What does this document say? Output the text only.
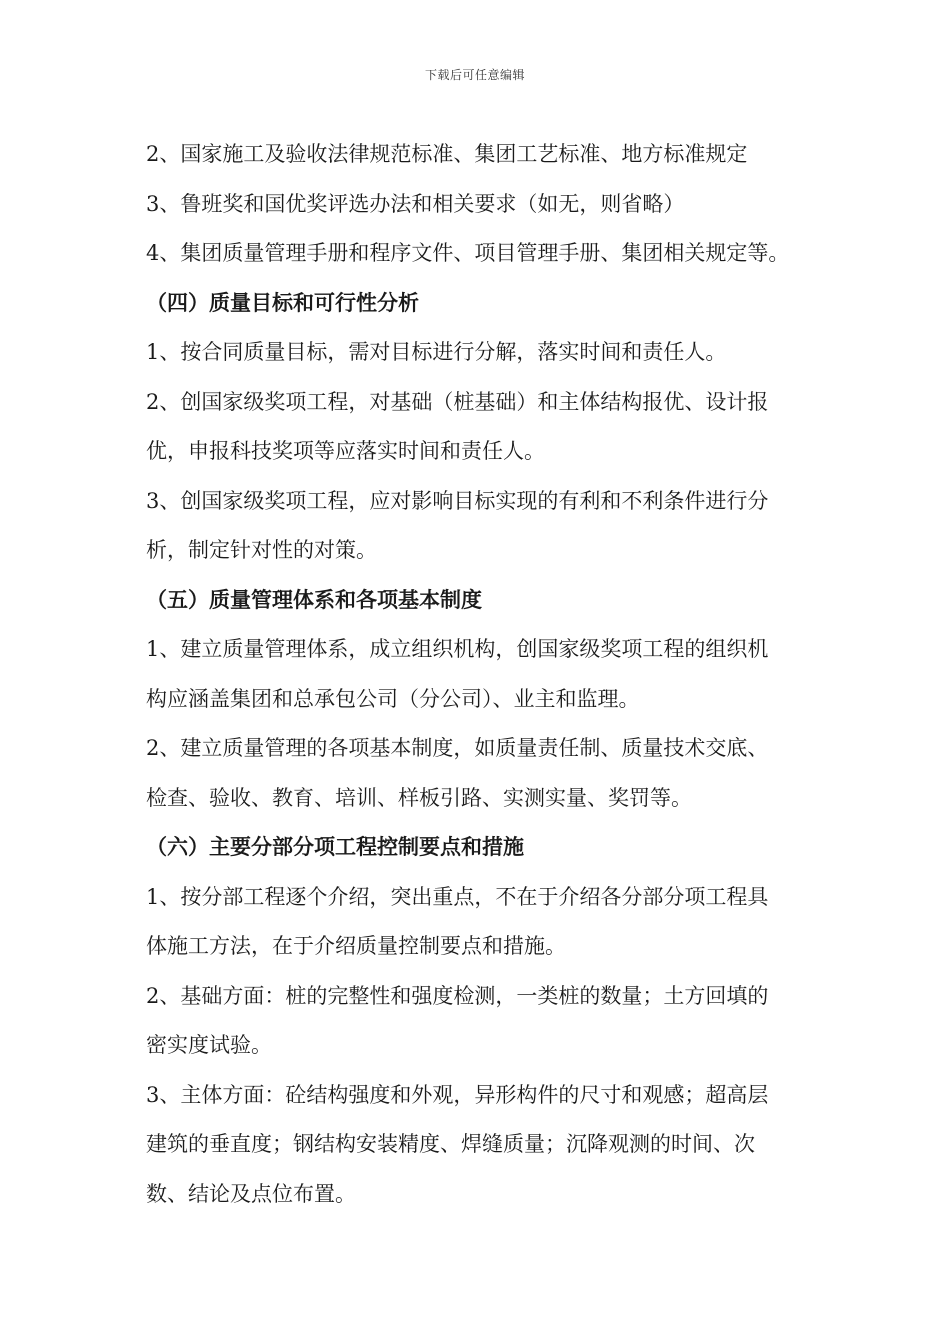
下载后可任意编辑

2、国家施工及验收法律规范标准、集团工艺标准、地方标准规定

3、鲁班奖和国优奖评选办法和相关要求（如无，则省略）

4、集团质量管理手册和程序文件、项目管理手册、集团相关规定等。

（四）质量目标和可行性分析

1、按合同质量目标，需对目标进行分解，落实时间和责任人。

2、创国家级奖项工程，对基础（桩基础）和主体结构报优、设计报

优，申报科技奖项等应落实时间和责任人。

3、创国家级奖项工程，应对影响目标实现的有利和不利条件进行分

析，制定针对性的对策。

（五）质量管理体系和各项基本制度

1、建立质量管理体系，成立组织机构，创国家级奖项工程的组织机

构应涵盖集团和总承包公司（分公司）、业主和监理。

2、建立质量管理的各项基本制度，如质量责任制、质量技术交底、

检查、验收、教育、培训、样板引路、实测实量、奖罚等。

（六）主要分部分项工程控制要点和措施

1、按分部工程逐个介绍，突出重点，不在于介绍各分部分项工程具

体施工方法，在于介绍质量控制要点和措施。

2、基础方面：桩的完整性和强度检测，一类桩的数量；土方回填的

密实度试验。

3、主体方面：砼结构强度和外观，异形构件的尺寸和观感；超高层

建筑的垂直度；钢结构安装精度、焊缝质量；沉降观测的时间、次

数、结论及点位布置。
